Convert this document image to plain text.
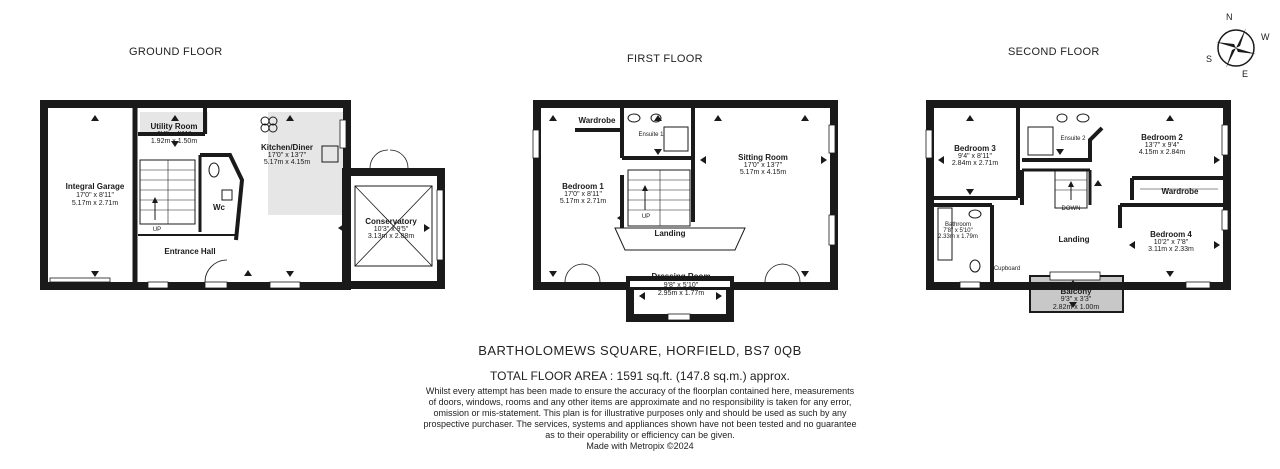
GROUND FLOOR
FIRST FLOOR
SECOND FLOOR
Integral Garage
17'0" x 8'11"
5.17m x 2.71m
Utility Room
6'4" x 4'11"
1.92m x 1.50m
Kitchen/Diner
17'0" x 13'7"
5.17m x 4.15m
Wc
Entrance Hall
UP
Conservatory
10'3" x 9'5"
3.13m x 2.88m
Wardrobe
Ensuite 1
Bedroom 1
17'0" x 8'11"
5.17m x 2.71m
Sitting Room
17'0" x 13'7"
5.17m x 4.15m
Landing
UP
Dressing Room
9'8" x 5'10"
2.95m x 1.77m
Bedroom 3
9'4" x 8'11"
2.84m x 2.71m
Ensuite 2	Bedroom 2
13'7" x 9'4"
4.15m x 2.84m
Wardrobe
DOWN
Bathroom
7'8" x 5'10"
2.33m x 1.79m	Landing
Bedroom 4
10'2" x 7'8"
3.11m x 2.33m
Cupboard
Balcony
9'3" x 3'3"
2.82m x 1.00m
N
W
S
E
BARTHOLOMEWS SQUARE, HORFIELD, BS7 0QB
TOTAL FLOOR AREA : 1591 sq.ft. (147.8 sq.m.) approx.
Whilst every attempt has been made to ensure the accuracy of the floorplan contained here, measurements
of doors, windows, rooms and any other items are approximate and no responsibility is taken for any error,
omission or mis-statement. This plan is for illustrative purposes only and should be used as such by any
prospective purchaser. The services, systems and appliances shown have not been tested and no guarantee
as to their operability or efficiency can be given.
Made with Metropix ©2024
